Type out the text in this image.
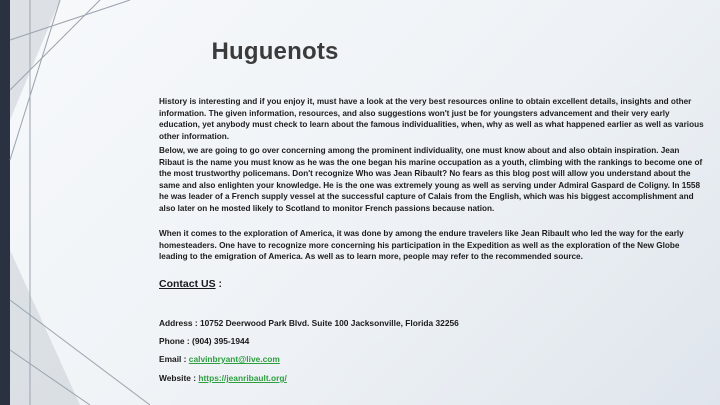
Huguenots

History is interesting and if you enjoy it, must have a look at the very best resources online to obtain excellent details, insights and other information. The given information, resources, and also suggestions won't just be for youngsters advancement and their very early education, yet anybody must check to learn about the famous individualities, when, why as well as what happened earlier as well as various other information.

Below, we are going to go over concerning among the prominent individuality, one must know about and also obtain inspiration. Jean Ribaut is the name you must know as he was the one began his marine occupation as a youth, climbing with the rankings to become one of the most trustworthy policemans. Don't recognize Who was Jean Ribault? No fears as this blog post will allow you understand about the same and also enlighten your knowledge. He is the one was extremely young as well as serving under Admiral Gaspard de Coligny. In 1558 he was leader of a French supply vessel at the successful capture of Calais from the English, which was his biggest accomplishment and also later on he mosted likely to Scotland to monitor French passions because nation.

When it comes to the exploration of America, it was done by among the endure travelers like Jean Ribault who led the way for the early homesteaders. One have to recognize more concerning his participation in the Expedition as well as the exploration of the New Globe leading to the emigration of America. As well as to learn more, people may refer to the recommended source.

Contact US :
Address : 10752 Deerwood Park Blvd. Suite 100 Jacksonville, Florida 32256
Phone : (904) 395-1944
Email : calvinbryant@live.com
Website : https://jeanribault.org/
